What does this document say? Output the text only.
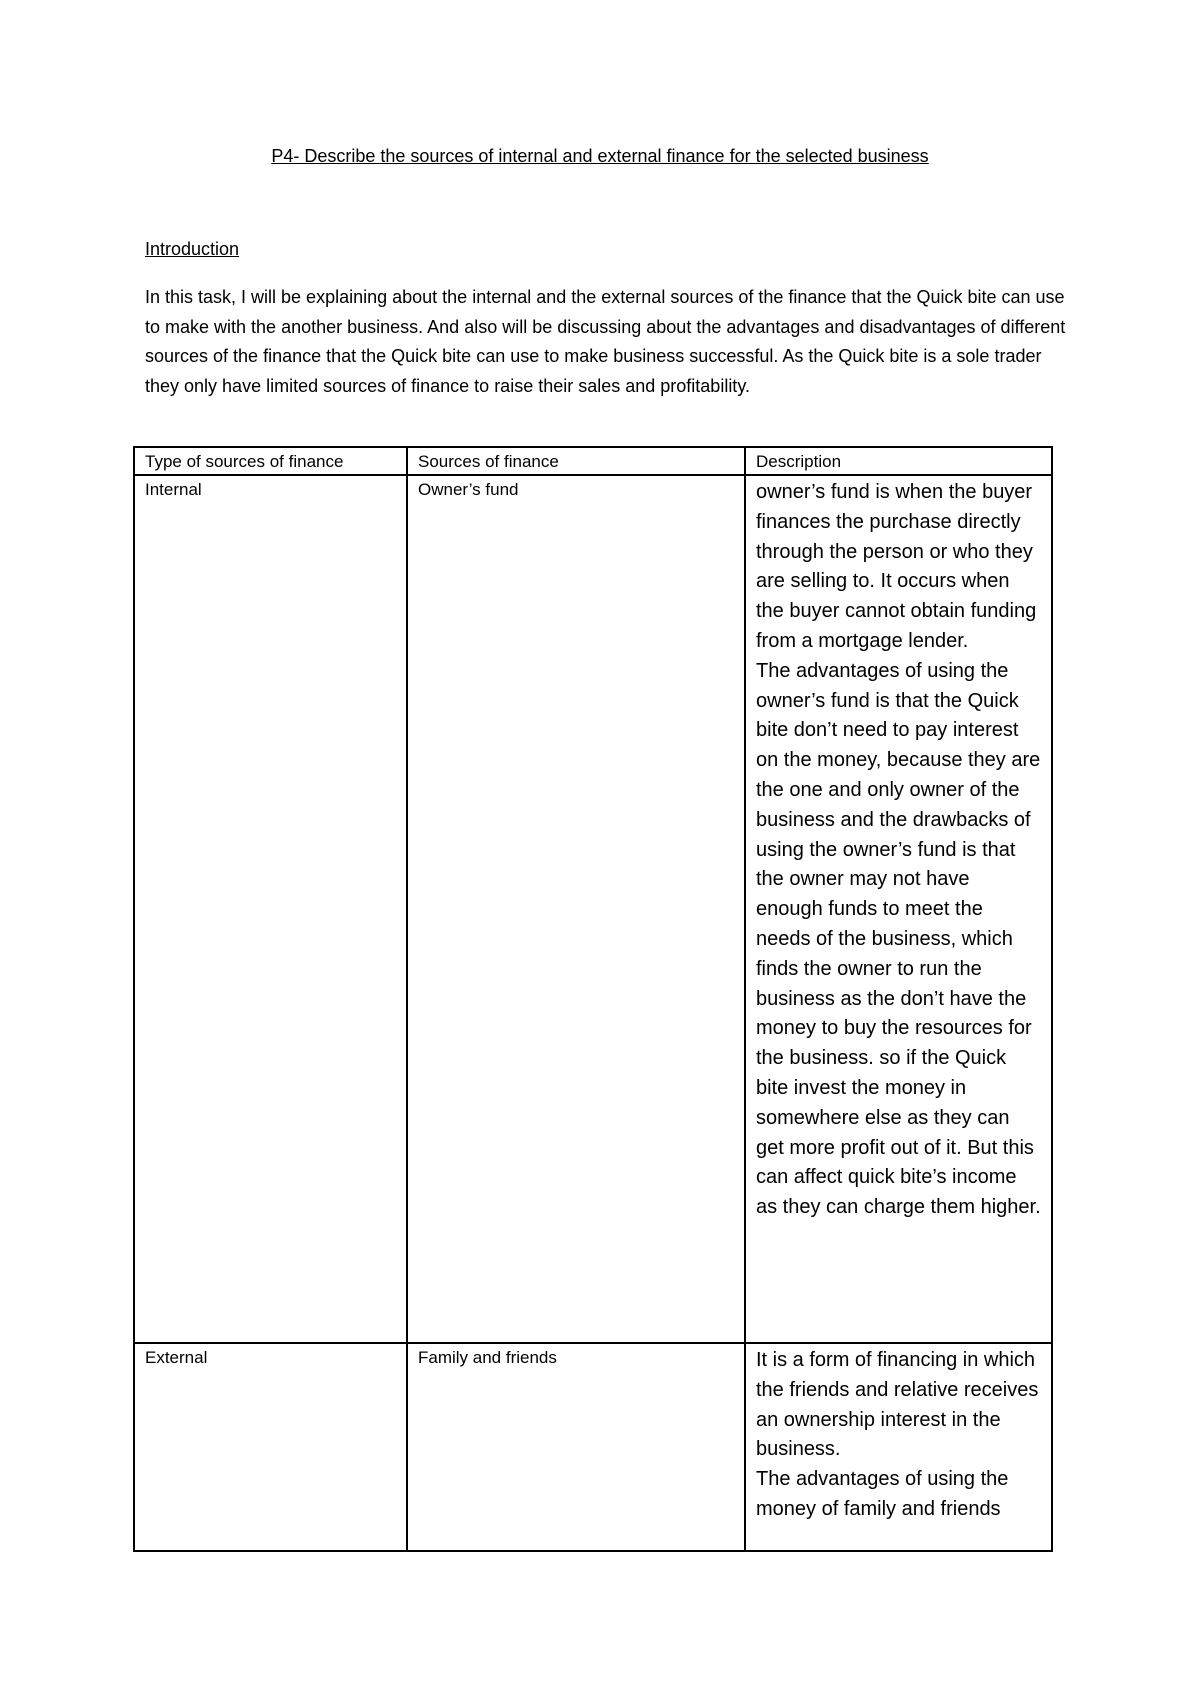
P4- Describe the sources of internal and external finance for the selected business
Introduction

In this task, I will be explaining about the internal and the external sources of the finance that the Quick bite can use to make with the another business. And also will be discussing about the advantages and disadvantages of different sources of the finance that the Quick bite can use to make business successful. As the Quick bite is a sole trader they only have limited sources of finance to raise their sales and profitability.

Type of sources of finance	Sources of finance	Description
Internal	Owner’s fund	owner’s fund is when the buyer finances the purchase directly through the person or who they are selling to. It occurs when the buyer cannot obtain funding from a mortgage lender.

The advantages of using the owner’s fund is that the Quick bite don’t need to pay interest on the money, because they are the one and only owner of the business and the drawbacks of using the owner’s fund is that the owner may not have enough funds to meet the needs of the business, which finds the owner to run the business as the don’t have the money to buy the resources for the business. so if the Quick bite invest the money in somewhere else as they can get more profit out of it. But this can affect quick bite’s income as they can charge them higher.

External	Family and friends	It is a form of financing in which the friends and relative receives an ownership interest in the business.

The advantages of using the money of family and friends
